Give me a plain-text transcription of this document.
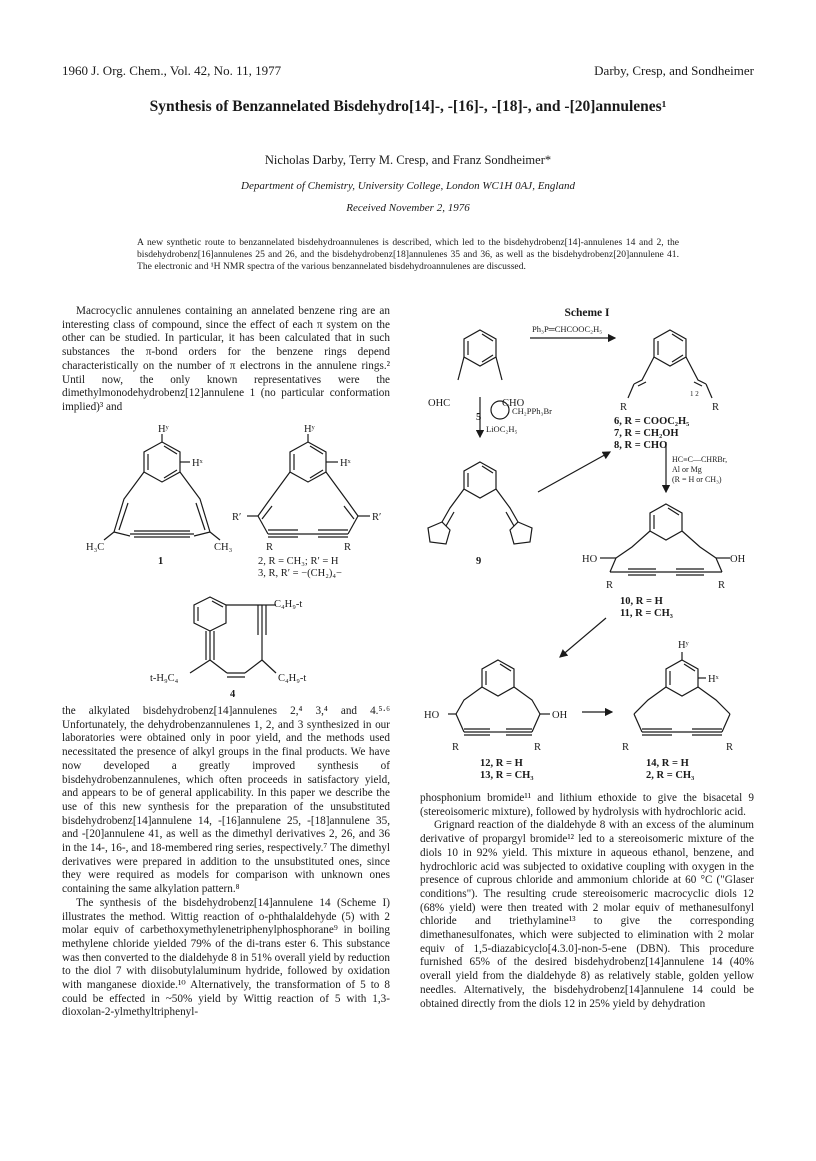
1960 J. Org. Chem., Vol. 42, No. 11, 1977	Darby, Cresp, and Sondheimer
Synthesis of Benzannelated Bisdehydro[14]-, -[16]-, -[18]-, and -[20]annulenes¹
Nicholas Darby, Terry M. Cresp, and Franz Sondheimer*
Department of Chemistry, University College, London WC1H 0AJ, England
Received November 2, 1976
A new synthetic route to benzannelated bisdehydroannulenes is described, which led to the bisdehydrobenz[14]-annulenes 14 and 2, the bisdehydrobenz[16]annulenes 25 and 26, and the bisdehydrobenz[18]annulenes 35 and 36, as well as the bisdehydrobenz[20]annulene 41. The electronic and ¹H NMR spectra of the various benzannelated bisdehydroannulenes are discussed.

Macrocyclic annulenes containing an annelated benzene ring are an interesting class of compound, since the effect of each π system on the other can be studied. In particular, it has been calculated that in such substances the π-bond orders for the benzene rings depend characteristically on the number of π electrons in the annulene rings.² Until now, the only known representatives were the dimethylmonodehydrobenz[12]annulene 1 (no particular conformation implied)³ and

Hʸ
Hˣ
H₃C	CH₃
1
Hʸ
Hˣ
R′	R′
R	R
2, R = CH₃; R′ = H
3, R, R′ = −(CH₂)₄−
C₄H₉-t
t-H₉C₄	C₄H₉-t
4

the alkylated bisdehydrobenz[14]annulenes 2,⁴ 3,⁴ and 4.⁵·⁶ Unfortunately, the dehydrobenzannulenes 1, 2, and 3 synthesized in our laboratories were obtained only in poor yield, and the methods used necessitated the presence of alkyl groups in the final products. We have now developed a greatly improved synthesis of bisdehydrobenzannulenes, which often proceeds in satisfactory yield, and appears to be of general applicability. In this paper we describe the use of this new synthesis for the preparation of the unsubstituted bisdehydrobenz[14]annulene 14, -[16]annulene 25, -[18]annulene 35, and -[20]annulene 41, as well as the dimethyl derivatives 2, 26, and 36 in the 14-, 16-, and 18-membered ring series, respectively.⁷ The dimethyl derivatives were prepared in addition to the unsubstituted ones, since they were required as models for comparison with unknown ones containing the same alkylation pattern.⁸

The synthesis of the bisdehydrobenz[14]annulene 14 (Scheme I) illustrates the method. Wittig reaction of o-phthalaldehyde (5) with 2 molar equiv of carbethoxymethylenetriphenylphosphorane⁹ in boiling methylene chloride yielded 79% of the di-trans ester 6. This substance was then converted to the dialdehyde 8 in 51% overall yield by reduction to the diol 7 with diisobutylaluminum hydride, followed by oxidation with manganese dioxide.¹⁰ Alternatively, the transformation of 5 to 8 could be effected in ~50% yield by Wittig reaction of 5 with 1,3-dioxolan-2-ylmethyltriphenyl-

Scheme I
OHC	CHO
5
Ph₃P═CHCOOC₂H₅
CH₂PPh₃Br
LiOC₂H₅
R	R
1 2
6, R = COOC₂H₅
7, R = CH₂OH
8, R = CHO
9
HC≡C—CHRBr,
Al or Mg
(R = H or CH₃)
HO	OH
R	R
10, R = H
11, R = CH₃
HO	OH
R	R
12, R = H
13, R = CH₃
Hʸ
Hˣ
R	R
14, R = H
2, R = CH₃

phosphonium bromide¹¹ and lithium ethoxide to give the bisacetal 9 (stereoisomeric mixture), followed by hydrolysis with hydrochloric acid.

Grignard reaction of the dialdehyde 8 with an excess of the aluminum derivative of propargyl bromide¹² led to a stereoisomeric mixture of the diols 10 in 92% yield. This mixture in aqueous ethanol, benzene, and hydrochloric acid was subjected to oxidative coupling with oxygen in the presence of cuprous chloride and ammonium chloride at 60 °C ("Glaser conditions"). The resulting crude stereoisomeric macrocyclic diols 12 (68% yield) were then treated with 2 molar equiv of methanesulfonyl chloride and triethylamine¹³ to give the corresponding dimethanesulfonates, which were subjected to elimination with 2 molar equiv of 1,5-diazabicyclo[4.3.0]-non-5-ene (DBN). This procedure furnished 65% of the desired bisdehydrobenz[14]annulene 14 (40% overall yield from the dialdehyde 8) as relatively stable, golden yellow needles. Alternatively, the bisdehydrobenz[14]annulene 14 could be obtained directly from the diols 12 in 25% yield by dehydration
